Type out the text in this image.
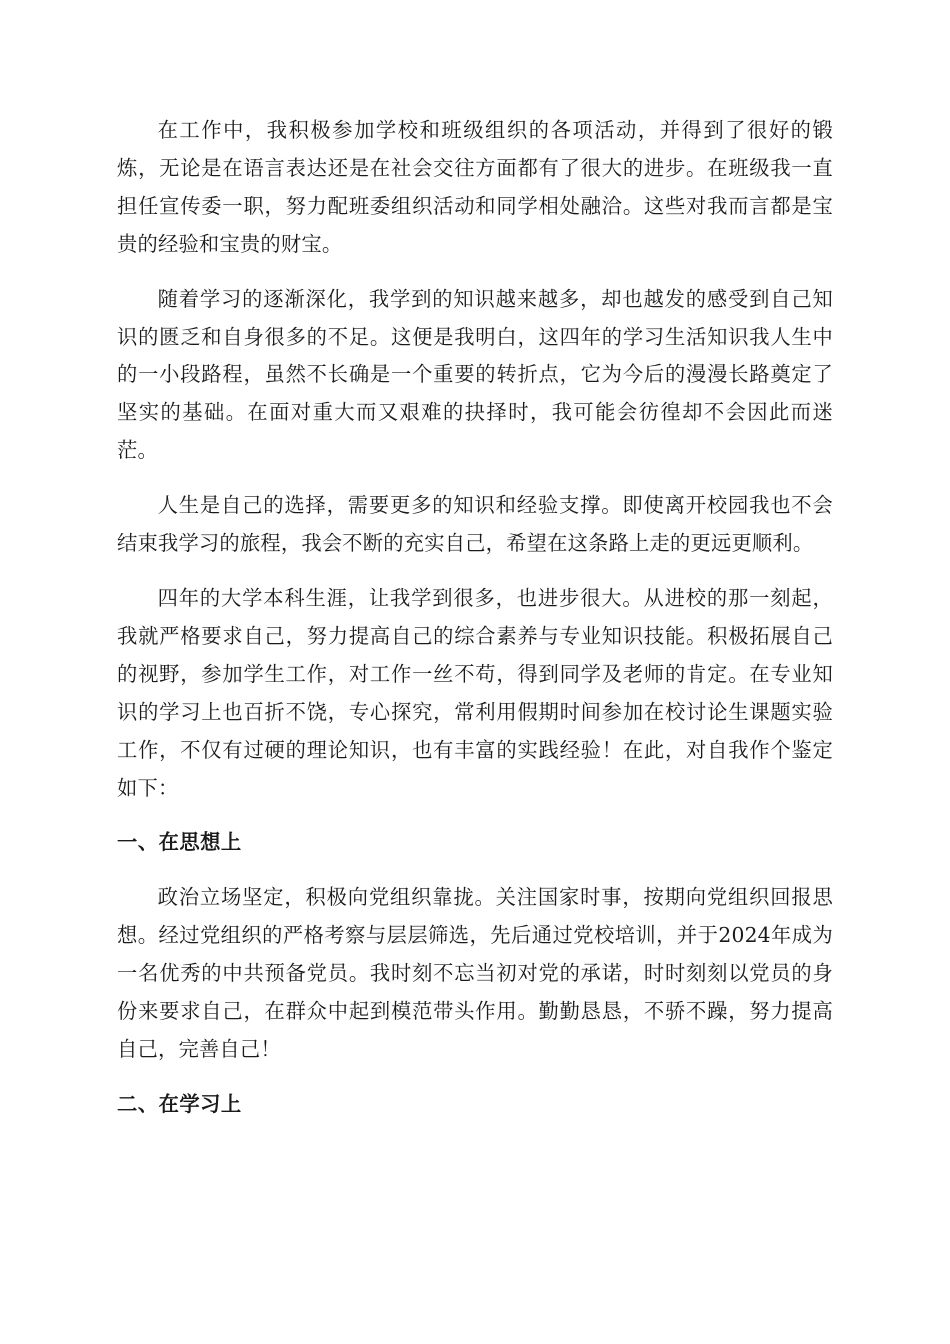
在工作中，我积极参加学校和班级组织的各项活动，并得到了很好的锻炼，无论是在语言表达还是在社会交往方面都有了很大的进步。在班级我一直担任宣传委一职，努力配班委组织活动和同学相处融洽。这些对我而言都是宝贵的经验和宝贵的财宝。

随着学习的逐渐深化，我学到的知识越来越多，却也越发的感受到自己知识的匮乏和自身很多的不足。这便是我明白，这四年的学习生活知识我人生中的一小段路程，虽然不长确是一个重要的转折点，它为今后的漫漫长路奠定了坚实的基础。在面对重大而又艰难的抉择时，我可能会彷徨却不会因此而迷茫。

人生是自己的选择，需要更多的知识和经验支撑。即使离开校园我也不会结束我学习的旅程，我会不断的充实自己，希望在这条路上走的更远更顺利。

四年的大学本科生涯，让我学到很多，也进步很大。从进校的那一刻起，我就严格要求自己，努力提高自己的综合素养与专业知识技能。积极拓展自己的视野，参加学生工作，对工作一丝不苟，得到同学及老师的肯定。在专业知识的学习上也百折不饶，专心探究，常利用假期时间参加在校讨论生课题实验工作，不仅有过硬的理论知识，也有丰富的实践经验！在此，对自我作个鉴定如下：

一、在思想上

政治立场坚定，积极向党组织靠拢。关注国家时事，按期向党组织回报思想。经过党组织的严格考察与层层筛选，先后通过党校培训，并于2024年成为一名优秀的中共预备党员。我时刻不忘当初对党的承诺，时时刻刻以党员的身份来要求自己，在群众中起到模范带头作用。勤勤恳恳，不骄不躁，努力提高自己，完善自己！

二、在学习上
